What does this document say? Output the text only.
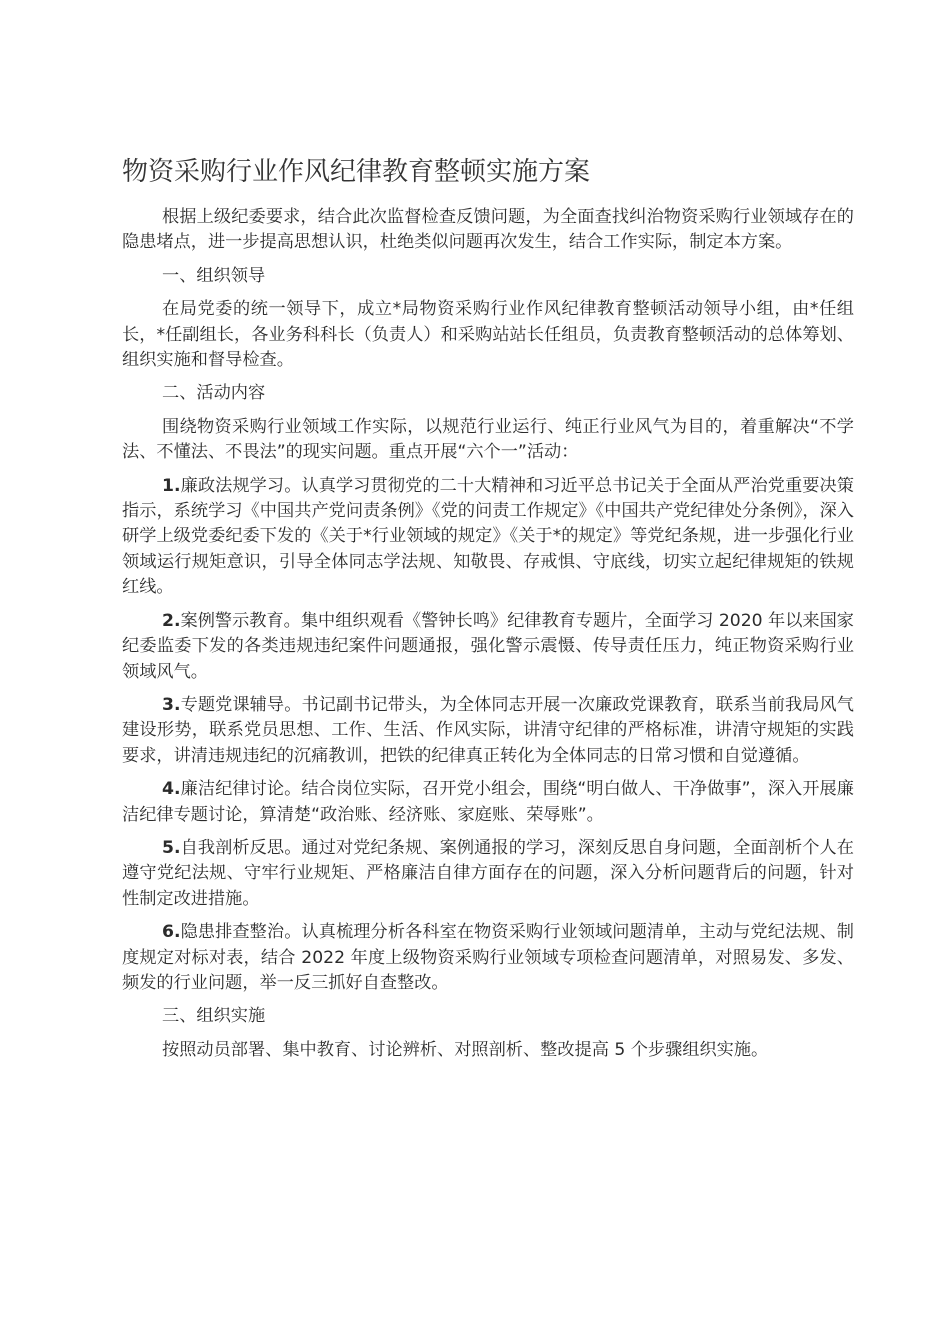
物资采购行业作风纪律教育整顿实施方案

根据上级纪委要求，结合此次监督检查反馈问题，为全面查找纠治物资采购行业领域存在的隐患堵点，进一步提高思想认识，杜绝类似问题再次发生，结合工作实际，制定本方案。

一、组织领导

在局党委的统一领导下，成立*局物资采购行业作风纪律教育整顿活动领导小组，由*任组长，*任副组长，各业务科科长（负责人）和采购站站长任组员，负责教育整顿活动的总体筹划、组织实施和督导检查。

二、活动内容

围绕物资采购行业领域工作实际，以规范行业运行、纯正行业风气为目的，着重解决“不学法、不懂法、不畏法”的现实问题。重点开展“六个一”活动：

1.廉政法规学习。认真学习贯彻党的二十大精神和习近平总书记关于全面从严治党重要决策指示，系统学习《中国共产党问责条例》《党的问责工作规定》《中国共产党纪律处分条例》，深入研学上级党委纪委下发的《关于*行业领域的规定》《关于*的规定》等党纪条规，进一步强化行业领域运行规矩意识，引导全体同志学法规、知敬畏、存戒惧、守底线，切实立起纪律规矩的铁规红线。

2.案例警示教育。集中组织观看《警钟长鸣》纪律教育专题片，全面学习 2020 年以来国家纪委监委下发的各类违规违纪案件问题通报，强化警示震慑、传导责任压力，纯正物资采购行业领域风气。

3.专题党课辅导。书记副书记带头，为全体同志开展一次廉政党课教育，联系当前我局风气建设形势，联系党员思想、工作、生活、作风实际，讲清守纪律的严格标准，讲清守规矩的实践要求，讲清违规违纪的沉痛教训，把铁的纪律真正转化为全体同志的日常习惯和自觉遵循。

4.廉洁纪律讨论。结合岗位实际，召开党小组会，围绕“明白做人、干净做事”，深入开展廉洁纪律专题讨论，算清楚“政治账、经济账、家庭账、荣辱账”。

5.自我剖析反思。通过对党纪条规、案例通报的学习，深刻反思自身问题，全面剖析个人在遵守党纪法规、守牢行业规矩、严格廉洁自律方面存在的问题，深入分析问题背后的问题，针对性制定改进措施。

6.隐患排查整治。认真梳理分析各科室在物资采购行业领域问题清单，主动与党纪法规、制度规定对标对表，结合 2022 年度上级物资采购行业领域专项检查问题清单，对照易发、多发、频发的行业问题，举一反三抓好自查整改。

三、组织实施

按照动员部署、集中教育、讨论辨析、对照剖析、整改提高 5 个步骤组织实施。
